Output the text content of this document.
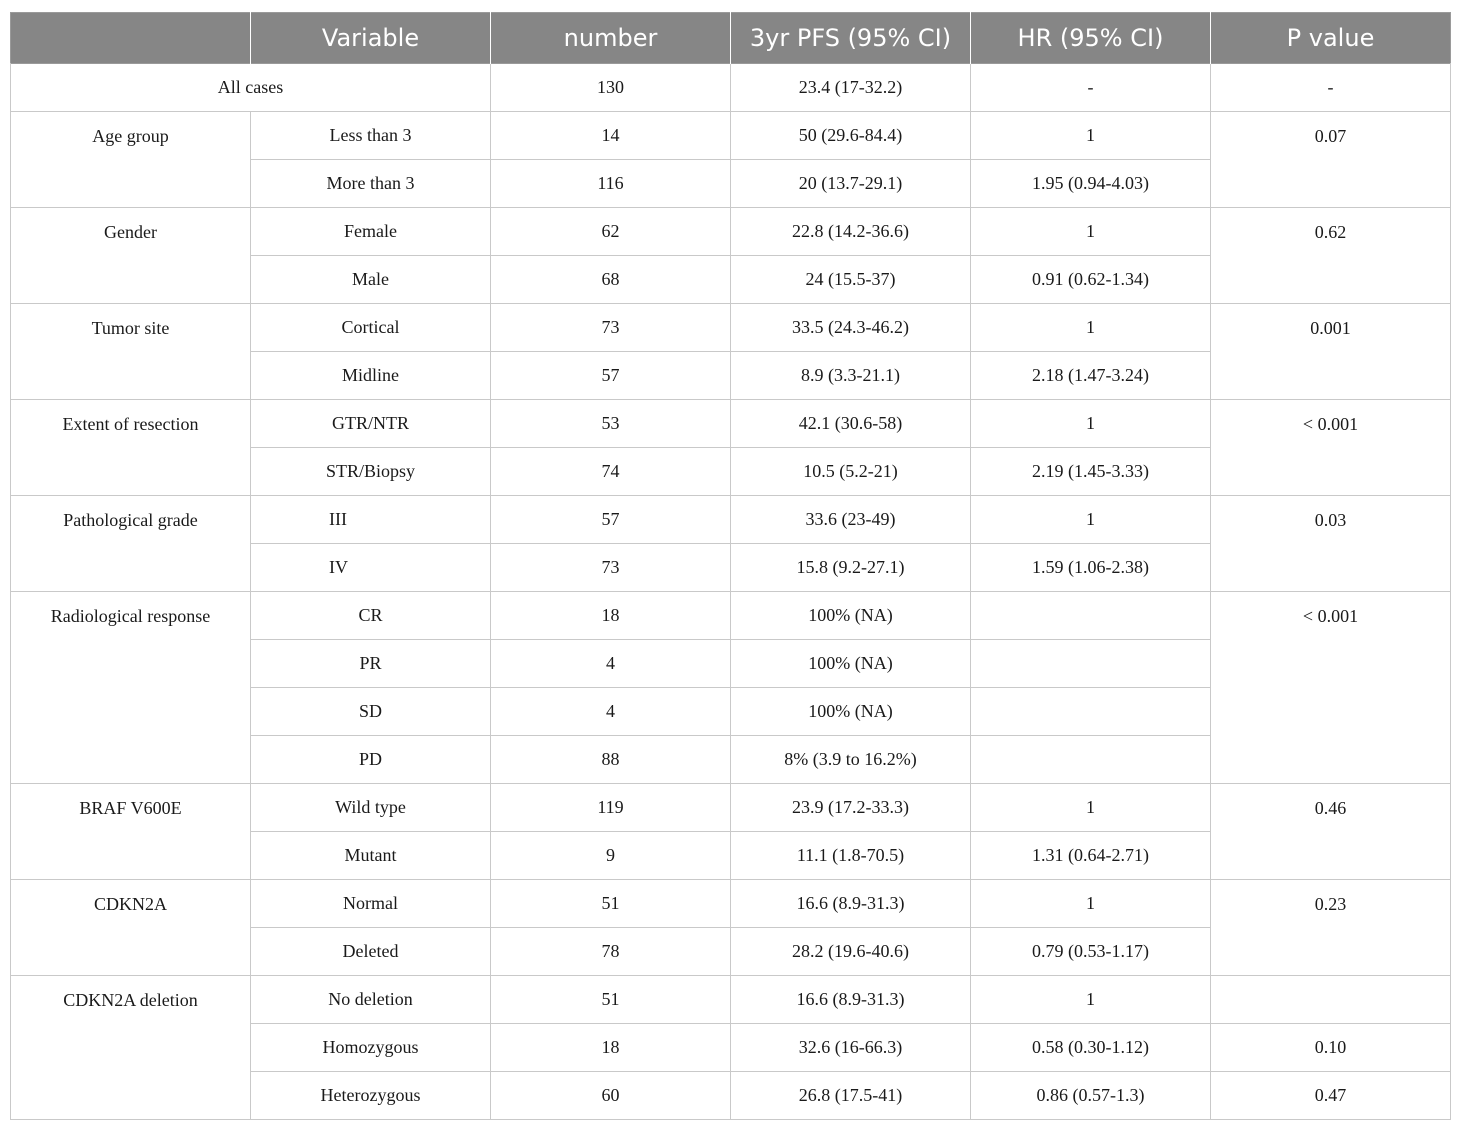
	Variable	number	3yr PFS (95% CI)	HR (95% CI)	P value
All cases		130	23.4 (17-32.2)	-	-
Age group	Less than 3	14	50 (29.6-84.4)	1	0.07
	More than 3	116	20 (13.7-29.1)	1.95 (0.94-4.03)	
Gender	Female	62	22.8 (14.2-36.6)	1	0.62
	Male	68	24 (15.5-37)	0.91 (0.62-1.34)	
Tumor site	Cortical	73	33.5 (24.3-46.2)	1	0.001
	Midline	57	8.9 (3.3-21.1)	2.18 (1.47-3.24)	
Extent of resection	GTR/NTR	53	42.1 (30.6-58)	1	< 0.001
	STR/Biopsy	74	10.5 (5.2-21)	2.19 (1.45-3.33)	
Pathological grade	III	57	33.6 (23-49)	1	0.03
	IV	73	15.8 (9.2-27.1)	1.59 (1.06-2.38)	
Radiological response	CR	18	100% (NA)		< 0.001
	PR	4	100% (NA)		
	SD	4	100% (NA)		
	PD	88	8% (3.9 to 16.2%)		
BRAF V600E	Wild type	119	23.9 (17.2-33.3)	1	0.46
	Mutant	9	11.1 (1.8-70.5)	1.31 (0.64-2.71)	
CDKN2A	Normal	51	16.6 (8.9-31.3)	1	0.23
	Deleted	78	28.2 (19.6-40.6)	0.79 (0.53-1.17)	
CDKN2A deletion	No deletion	51	16.6 (8.9-31.3)	1	
	Homozygous	18	32.6 (16-66.3)	0.58 (0.30-1.12)	0.10
	Heterozygous	60	26.8 (17.5-41)	0.86 (0.57-1.3)	0.47
